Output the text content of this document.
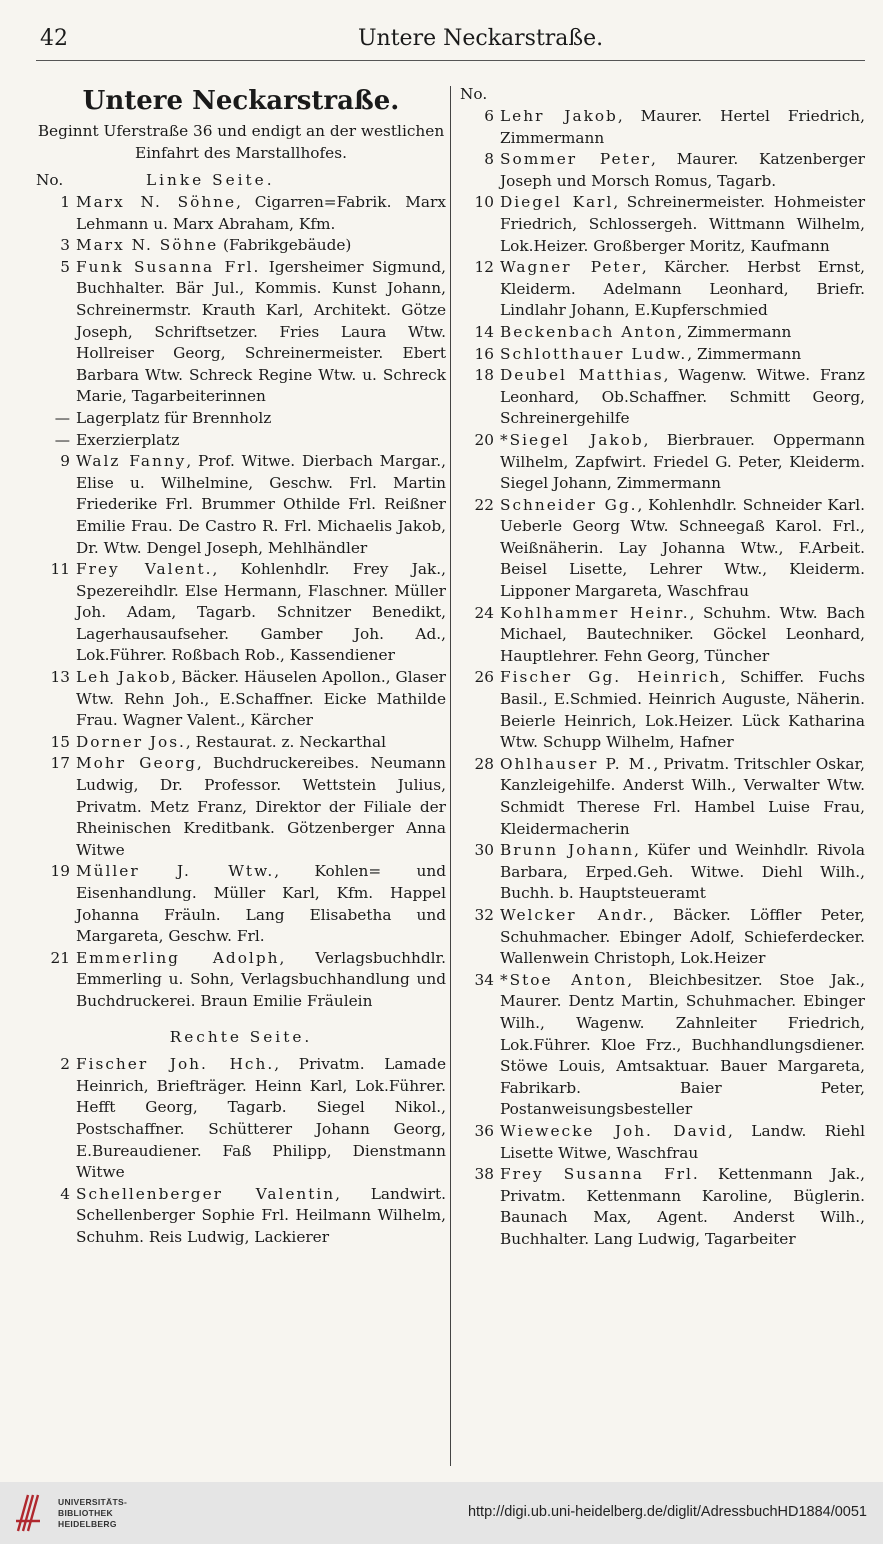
42	Untere Neckarstraße.
Untere Neckarstraße.
Beginnt Uferstraße 36 und endigt an der westlichen Einfahrt des Marstallhofes.
No.	Linke Seite.
1 Marx N. Söhne, Cigarren=Fabrik. Marx Lehmann u. Marx Abraham, Kfm.
3 Marx N. Söhne (Fabrikgebäude)
5 Funk Susanna Frl. Igersheimer Sigmund, Buchhalter. Bär Jul., Kommis. Kunst Johann, Schreinermstr. Krauth Karl, Architekt. Götze Joseph, Schriftsetzer. Fries Laura Wtw. Hollreiser Georg, Schreinermeister. Ebert Barbara Wtw. Schreck Regine Wtw. u. Schreck Marie, Tagarbeiterinnen
— Lagerplatz für Brennholz
— Exerzierplatz
9 Walz Fanny, Prof. Witwe. Dierbach Margar., Elise u. Wilhelmine, Geschw. Frl. Martin Friederike Frl. Brummer Othilde Frl. Reißner Emilie Frau. De Castro R. Frl. Michaelis Jakob, Dr. Wtw. Dengel Joseph, Mehlhändler
11 Frey Valent., Kohlenhdlr. Frey Jak., Spezereihdlr. Else Hermann, Flaschner. Müller Joh. Adam, Tagarb. Schnitzer Benedikt, Lagerhausaufseher. Gamber Joh. Ad., Lok.Führer. Roßbach Rob., Kassendiener
13 Leh Jakob, Bäcker. Häuselen Apollon., Glaser Wtw. Rehn Joh., E.Schaffner. Eicke Mathilde Frau. Wagner Valent., Kärcher
15 Dorner Jos., Restaurat. z. Neckarthal
17 Mohr Georg, Buchdruckereibes. Neumann Ludwig, Dr. Professor. Wettstein Julius, Privatm. Metz Franz, Direktor der Filiale der Rheinischen Kreditbank. Götzenberger Anna Witwe
19 Müller J. Wtw., Kohlen= und Eisenhandlung. Müller Karl, Kfm. Happel Johanna Fräuln. Lang Elisabetha und Margareta, Geschw. Frl.
21 Emmerling Adolph, Verlagsbuchhdlr. Emmerling u. Sohn, Verlagsbuchhandlung und Buchdruckerei. Braun Emilie Fräulein
Rechte Seite.
2 Fischer Joh. Hch., Privatm. Lamade Heinrich, Briefträger. Heinn Karl, Lok.Führer. Hefft Georg, Tagarb. Siegel Nikol., Postschaffner. Schütterer Johann Georg, E.Bureaudiener. Faß Philipp, Dienstmann Witwe
4 Schellenberger Valentin, Landwirt. Schellenberger Sophie Frl. Heilmann Wilhelm, Schuhm. Reis Ludwig, Lackierer
No.
6 Lehr Jakob, Maurer. Hertel Friedrich, Zimmermann
8 Sommer Peter, Maurer. Katzenberger Joseph und Morsch Romus, Tagarb.
10 Diegel Karl, Schreinermeister. Hohmeister Friedrich, Schlossergeh. Wittmann Wilhelm, Lok.Heizer. Großberger Moritz, Kaufmann
12 Wagner Peter, Kärcher. Herbst Ernst, Kleiderm. Adelmann Leonhard, Briefr. Lindlahr Johann, E.Kupferschmied
14 Beckenbach Anton, Zimmermann
16 Schlotthauer Ludw., Zimmermann
18 Deubel Matthias, Wagenw. Witwe. Franz Leonhard, Ob.Schaffner. Schmitt Georg, Schreinergehilfe
20 *Siegel Jakob, Bierbrauer. Oppermann Wilhelm, Zapfwirt. Friedel G. Peter, Kleiderm. Siegel Johann, Zimmermann
22 Schneider Gg., Kohlenhdlr. Schneider Karl. Ueberle Georg Wtw. Schneegaß Karol. Frl., Weißnäherin. Lay Johanna Wtw., F.Arbeit. Beisel Lisette, Lehrer Wtw., Kleiderm. Lipponer Margareta, Waschfrau
24 Kohlhammer Heinr., Schuhm. Wtw. Bach Michael, Bautechniker. Göckel Leonhard, Hauptlehrer. Fehn Georg, Tüncher
26 Fischer Gg. Heinrich, Schiffer. Fuchs Basil., E.Schmied. Heinrich Auguste, Näherin. Beierle Heinrich, Lok.Heizer. Lück Katharina Wtw. Schupp Wilhelm, Hafner
28 Ohlhauser P. M., Privatm. Tritschler Oskar, Kanzleigehilfe. Anderst Wilh., Verwalter Wtw. Schmidt Therese Frl. Hambel Luise Frau, Kleidermacherin
30 Brunn Johann, Küfer und Weinhdlr. Rivola Barbara, Erped.Geh. Witwe. Diehl Wilh., Buchh. b. Hauptsteueramt
32 Welcker Andr., Bäcker. Löffler Peter, Schuhmacher. Ebinger Adolf, Schieferdecker. Wallenwein Christoph, Lok.Heizer
34 *Stoe Anton, Bleichbesitzer. Stoe Jak., Maurer. Dentz Martin, Schuhmacher. Ebinger Wilh., Wagenw. Zahnleiter Friedrich, Lok.Führer. Kloe Frz., Buchhandlungsdiener. Stöwe Louis, Amtsaktuar. Bauer Margareta, Fabrikarb. Baier Peter, Postanweisungsbesteller
36 Wiewecke Joh. David, Landw. Riehl Lisette Witwe, Waschfrau
38 Frey Susanna Frl. Kettenmann Jak., Privatm. Kettenmann Karoline, Büglerin. Baunach Max, Agent. Anderst Wilh., Buchhalter. Lang Ludwig, Tagarbeiter
UNIVERSITÄTS-
BIBLIOTHEK
HEIDELBERG
http://digi.ub.uni-heidelberg.de/diglit/AdressbuchHD1884/0051
